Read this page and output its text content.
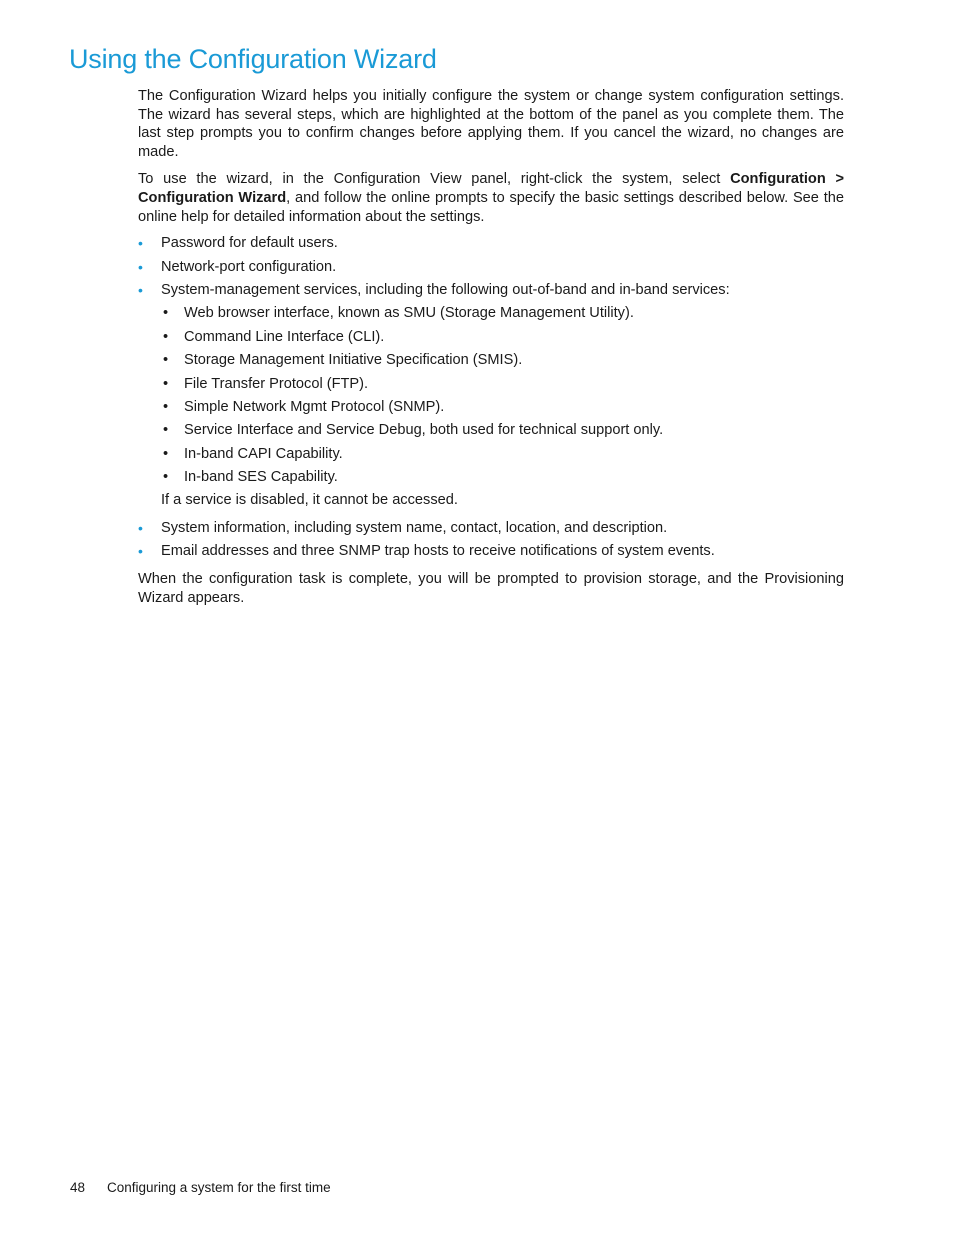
Using the Configuration Wizard

The Configuration Wizard helps you initially configure the system or change system configuration settings. The wizard has several steps, which are highlighted at the bottom of the panel as you complete them. The last step prompts you to confirm changes before applying them. If you cancel the wizard, no changes are made.

To use the wizard, in the Configuration View panel, right-click the system, select Configuration > Configuration Wizard, and follow the online prompts to specify the basic settings described below. See the online help for detailed information about the settings.

• Password for default users.
• Network-port configuration.
• System-management services, including the following out-of-band and in-band services:
• Web browser interface, known as SMU (Storage Management Utility).
• Command Line Interface (CLI).
• Storage Management Initiative Specification (SMIS).
• File Transfer Protocol (FTP).
• Simple Network Mgmt Protocol (SNMP).
• Service Interface and Service Debug, both used for technical support only.
• In-band CAPI Capability.
• In-band SES Capability.

If a service is disabled, it cannot be accessed.

• System information, including system name, contact, location, and description.
• Email addresses and three SNMP trap hosts to receive notifications of system events.

When the configuration task is complete, you will be prompted to provision storage, and the Provisioning Wizard appears.

48 Configuring a system for the first time
